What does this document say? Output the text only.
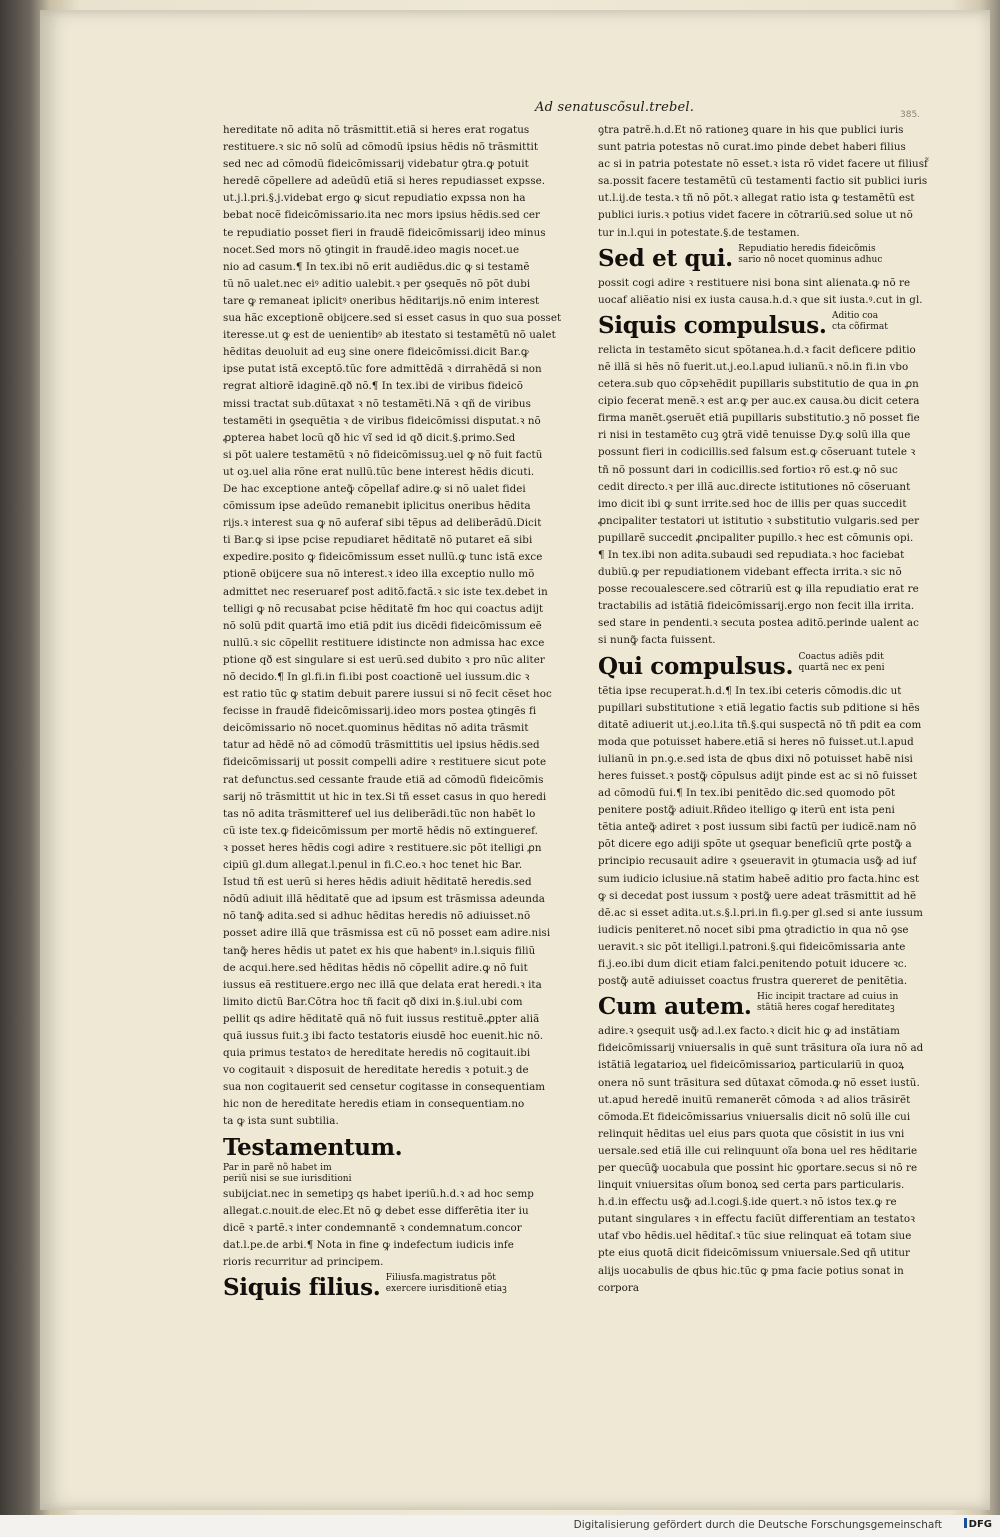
385.
Ad senatuscõsul.trebel.
hereditate nõ adita nõ trãsmittit.etiã si heres erat rogatus
restituere.ꝛ sic nõ solũ ad cõmodũ ipsius hẽdis nõ trãsmittit
sed nec ad cõmodũ fideicõmissarij videbatur ꝯtra.ꝙ potuit
heredẽ cõpellere ad adeũdũ etiã si heres repudiasset expsse.
ut.j.l.pri.§.j.videbat ergo ꝙ sicut repudiatio expssa non ha
bebat nocẽ fideicõmissario.ita nec mors ipsius hẽdis.sed cer
te repudiatio posset fieri in fraudẽ fideicõmissarij ideo minus
nocet.Sed mors nõ ꝯtingit in fraudẽ.ideo magis nocet.ue
nio ad casum.¶ In tex.ibi nõ erit audiẽdus.dic ꝙ si testamẽ
tũ nõ ualet.nec eiꝰ aditio ualebit.ꝛ per ꝯsequẽs nõ põt dubi
tare ꝙ remaneat iplicitꝰ oneribus hẽditarijs.nõ enim interest
sua hãc exceptionẽ obijcere.sed si esset casus in quo sua posset
iteresse.ut ꝙ est de uenientibꝰ ab itestato si testamẽtũ nõ ualet
hẽditas deuoluit ad euꝫ sine onere fideicõmissi.dicit Bar.ꝙ
ipse putat istã exceptõ.tũc fore admittẽdã ꝛ dirrahẽdã si non
regrat altiorẽ idaginẽ.qð nõ.¶ In tex.ibi de viribus fideicõ
missi tractat sub.dũtaxat ꝛ nõ testamẽti.Nã ꝛ qñ de viribus
testamẽti in ꝯsequẽtia ꝛ de viribus fideicõmissi disputat.ꝛ nõ
ꝓpterea habet locũ qð hic vĩ sed id qð dicit.§.primo.Sed
si põt ualere testamẽtũ ꝛ nõ fideicõmissuꝫ.uel ꝙ nõ fuit factũ
ut oꝫ.uel alia rõne erat nullũ.tũc bene interest hẽdis dicuti.
De hac exceptione anteꝙ̃ cõpellaf adire.ꝙ si nõ ualet fidei
cõmissum ipse adeũdo remanebit iplicitus oneribus hẽdita
rijs.ꝛ interest sua ꝙ nõ auferaf sibi tẽpus ad deliberãdũ.Dicit
ti Bar.ꝙ si ipse pcise repudiaret hẽditatẽ nõ putaret eã sibi
expedire.posito ꝙ fideicõmissum esset nullũ.ꝙ tunc istã exce
ptionẽ obijcere sua nõ interest.ꝛ ideo illa exceptio nullo mõ
admittet nec reseruaref post aditõ.factã.ꝛ sic iste tex.debet in
telligi ꝙ nõ recusabat pcise hẽditatẽ fm hoc qui coactus adijt
nõ solũ pdit quartã imo etiã pdit ius dicẽdi fideicõmissum eẽ
nullũ.ꝛ sic cõpellit restituere idistincte non admissa hac exce
ptione qð est singulare si est uerũ.sed dubito ꝛ pro nũc aliter
nõ decido.¶ In gl.fi.in fi.ibi post coactionẽ uel iussum.dic ꝛ
est ratio tũc ꝙ statim debuit parere iussui si nõ fecit cẽset hoc
fecisse in fraudẽ fideicõmissarij.ideo mors postea ꝯtingẽs fi
deicõmissario nõ nocet.quominus hẽditas nõ adita trãsmit
tatur ad hẽdẽ nõ ad cõmodũ trãsmittitis uel ipsius hẽdis.sed
fideicõmissarij ut possit compelli adire ꝛ restituere sicut pote
rat defunctus.sed cessante fraude etiã ad cõmodũ fideicõmis
sarij nõ trãsmittit ut hic in tex.Si tñ esset casus in quo heredi
tas nõ adita trãsmitteref uel ius deliberãdi.tũc non habẽt lo
cũ iste tex.ꝙ fideicõmissum per mortẽ hẽdis nõ extingueref.
ꝛ posset heres hẽdis cogi adire ꝛ restituere.sic põt itelligi ꝓn
cipiũ gl.dum allegat.l.penul in fi.C.eo.ꝛ hoc tenet hic Bar.
Istud tñ est uerũ si heres hẽdis adiuit hẽditatẽ heredis.sed
nõdũ adiuit illã hẽditatẽ que ad ipsum est trãsmissa adeunda
nõ tanꝙ̃ adita.sed si adhuc hẽditas heredis nõ adiuisset.nõ
posset adire illã que trãsmissa est cũ nõ posset eam adire.nisi
tanꝙ̃ heres hẽdis ut patet ex his que habentꝰ in.l.siquis filiũ
de acqui.here.sed hẽditas hẽdis nõ cõpellit adire.ꝙ nõ fuit
iussus eã restituere.ergo nec illã que delata erat heredi.ꝛ ita
limito dictũ Bar.Cõtra hoc tñ facit qð dixi in.§.iul.ubi com
pellit qs adire hẽditatẽ quã nõ fuit iussus restituẽ.ꝓpter aliã
quã iussus fuit.ꝫ ibi facto testatoris eiusdẽ hoc euenit.hic nõ.
quia primus testatoꝛ de hereditate heredis nõ cogitauit.ibi
vo cogitauit ꝛ disposuit de hereditate heredis ꝛ potuit.ꝫ de
sua non cogitauerit sed censetur cogitasse in consequentiam
hic non de hereditate heredis etiam in consequentiam.no
ta ꝙ ista sunt subtilia.
Testamentum.
Par in parẽ nõ habet im
periũ nisi se sue iurisditioni
subijciat.nec in semetipꝫ qs habet iperiũ.h.d.ꝛ ad hoc semp
allegat.c.nouit.de elec.Et nõ ꝙ debet esse differẽtia iter iu
dicẽ ꝛ partẽ.ꝛ inter condemnantẽ ꝛ condemnatum.concor
dat.l.pe.de arbi.¶ Nota in fine ꝙ indefectum iudicis infe
rioris recurritur ad principem.
Siquis filius. Filiusfa.magistratus põt
exercere iurisditionẽ etiaꝫ
ꝯtra patrẽ.h.d.Et nõ rationeꝫ quare in his que publici iuris
sunt patria potestas nõ curat.imo pinde debet haberi filius
ac si in patria potestate nõ esset.ꝛ ista rõ videt facere ut filiusf̃
sa.possit facere testamẽtũ cũ testamenti factio sit publici iuris
ut.l.ij.de testa.ꝛ tñ nõ põt.ꝛ allegat ratio ista ꝙ testamẽtũ est
publici iuris.ꝛ potius videt facere in cõtrariũ.sed solue ut nõ
tur in.l.qui in potestate.§.de testamen.
Sed et qui. Repudiatio heredis fideicõmis
sario nõ nocet quominus adhuc
possit cogi adire ꝛ restituere nisi bona sint alienata.ꝙ nõ re
uocaf aliẽatio nisi ex iusta causa.h.d.ꝛ que sit iusta.ꝰ.cut in gl.
Siquis compulsus. Aditio coa
cta cõfirmat
relicta in testamẽto sicut spõtanea.h.d.ꝛ facit deficere pditio
nẽ illã si hẽs nõ fuerit.ut.j.eo.l.apud iulianũ.ꝛ nõ.in fi.in vbo
cetera.sub quo cõpꝛehẽdit pupillaris substitutio de qua in ꝓn
cipio fecerat menẽ.ꝛ est ar.ꝙ per auc.ex causa.ꝺu dicit cetera
firma manẽt.ꝯseruẽt etiã pupillaris substitutio.ꝫ nõ posset fie
ri nisi in testamẽto cuꝫ ꝯtrã vidẽ tenuisse Dy.ꝙ solũ illa que
possunt fieri in codicillis.sed falsum est.ꝙ cõseruant tutele ꝛ
tñ nõ possunt dari in codicillis.sed fortioꝛ rõ est.ꝙ nõ suc
cedit directo.ꝛ per illã auc.directe istitutiones nõ cõseruant
imo dicit ibi ꝙ sunt irrite.sed hoc de illis per quas succedit
ꝓncipaliter testatori ut istitutio ꝛ substitutio vulgaris.sed per
pupillarẽ succedit ꝓncipaliter pupillo.ꝛ hec est cõmunis opi.
¶ In tex.ibi non adita.subaudi sed repudiata.ꝛ hoc faciebat
dubiũ.ꝙ per repudiationem videbant effecta irrita.ꝛ sic nõ
posse recoualescere.sed cõtrariũ est ꝙ illa repudiatio erat re
tractabilis ad istãtiã fideicõmissarij.ergo non fecit illa irrita.
sed stare in pendenti.ꝛ secuta postea aditõ.perinde ualent ac
si nunꝙ̃ facta fuissent.
Qui compulsus. Coactus adiẽs pdit
quartã nec ex peni
tẽtia ipse recuperat.h.d.¶ In tex.ibi ceteris cõmodis.dic ut
pupillari substitutione ꝛ etiã legatio factis sub pditione si hẽs
ditatẽ adiuerit ut.j.eo.l.ita tñ.§.qui suspectã nõ tñ pdit ea com
moda que potuisset habere.etiã si heres nõ fuisset.ut.l.apud
iulianũ in pn.ꝯ.e.sed ista de qbus dixi nõ potuisset habẽ nisi
heres fuisset.ꝛ postꝙ̃ cõpulsus adijt pinde est ac si nõ fuisset
ad cõmodũ fui.¶ In tex.ibi penitẽdo dic.sed quomodo põt
penitere postꝙ̃ adiuit.Rñdeo itelligo ꝙ iterũ ent ista peni
tẽtia anteꝙ̃ adiret ꝛ post iussum sibi factũ per iudicẽ.nam nõ
põt dicere ego adiji spõte ut ꝯsequar beneficiũ qrte postꝙ̃ a
principio recusauit adire ꝛ ꝯseueravit in ꝯtumacia usꝙ̃ ad iuf
sum iudicio iclusiue.nã statim habeẽ aditio pro facta.hinc est
ꝙ si decedat post iussum ꝛ postꝙ̃ uere adeat trãsmittit ad hẽ
dẽ.ac si esset adita.ut.s.§.l.pri.in fi.ꝯ.per gl.sed si ante iussum
iudicis peniteret.nõ nocet sibi pma ꝯtradictio in qua nõ ꝯse
ueravit.ꝛ sic põt itelligi.l.patroni.§.qui fideicõmissaria ante
fi.j.eo.ibi dum dicit etiam falci.penitendo potuit iducere ꝛc.
postꝙ̃ autẽ adiuisset coactus frustra quereret de penitẽtia.
Cum autem. Hic incipit tractare ad cuius in
stãtiã heres cogaf hereditateꝫ
adire.ꝛ ꝯsequit usꝙ̃ ad.l.ex facto.ꝛ dicit hic ꝙ ad instãtiam
fideicõmissarij vniuersalis in quẽ sunt trãsitura oĩa iura nõ ad
istãtiã legatarioꝝ uel fideicõmissarioꝝ particulariũ in quoꝝ
onera nõ sunt trãsitura sed dũtaxat cõmoda.ꝙ nõ esset iustũ.
ut.apud heredẽ inuitũ remanerẽt cõmoda ꝛ ad alios trãsirẽt
cõmoda.Et fideicõmissarius vniuersalis dicit nõ solũ ille cui
relinquit hẽditas uel eius pars quota que cõsistit in ius vni
uersale.sed etiã ille cui relinquunt oĩa bona uel res hẽditarie
per quecũꝙ̃ uocabula que possint hic ꝯportare.secus si nõ re
linquit vniuersitas oĩum bonoꝝ sed certa pars particularis.
h.d.in effectu usꝙ̃ ad.l.cogi.§.ide quert.ꝛ nõ istos tex.ꝙ re
putant singulares ꝛ in effectu faciũt differentiam an testatoꝛ
utaf vbo hẽdis.uel hẽditaſ.ꝛ tũc siue relinquat eã totam siue
pte eius quotã dicit fideicõmissum vniuersale.Sed qñ utitur
alijs uocabulis de qbus hic.tũc ꝙ pma facie potius sonat in
corpora
Digitalisierung gefördert durch die Deutsche Forschungsgemeinschaft	DFG
